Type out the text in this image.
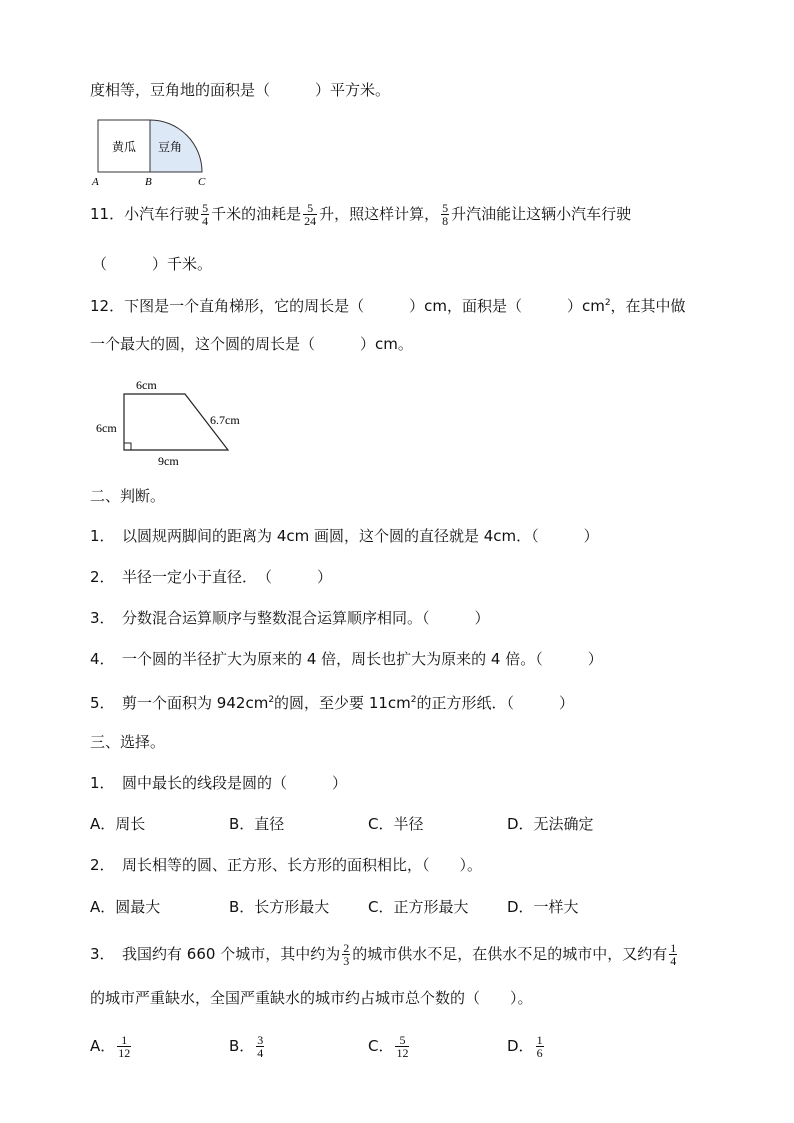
度相等，豆角地的面积是（　　　）平方米。
黄瓜 豆角
A	B	C
11．小汽车行驶 $\frac{5}{4}$ 千米的油耗是 $\frac{5}{24}$ 升，照这样计算， $\frac{5}{8}$ 升汽油能让这辆小汽车行驶
（　　　）千米。
12．下图是一个直角梯形，它的周长是（　　　）cm，面积是（　　　）$cm^2$，在其中做
一个最大的圆，这个圆的周长是（　　　）cm。
6cm
6cm
6.7cm
9cm
二、判断。
1．　以圆规两脚间的距离为 4cm 画圆，这个圆的直径就是 4cm．（　　　）
2．　半径一定小于直径．　（　　　）
3．　分数混合运算顺序与整数混合运算顺序相同。（　　　）
4．　一个圆的半径扩大为原来的 4 倍，周长也扩大为原来的 4 倍。（　　　）
5．　剪一个面积为 $942cm^2$的圆，至少要 $11cm^2$的正方形纸．（　　　）
三、选择。
1．　圆中最长的线段是圆的（　　　）
A．周长	B．直径	C．半径	D．无法确定
2．　周长相等的圆、正方形、长方形的面积相比，（　　）。
A．圆最大	B．长方形最大	C．正方形最大	D．一样大
3．　我国约有 660 个城市，其中约为 $\frac{2}{3}$ 的城市供水不足，在供水不足的城市中，又约有 $\frac{1}{4}$
的城市严重缺水，全国严重缺水的城市约占城市总个数的（　　）。
A． $\frac{1}{12}$	B． $\frac{3}{4}$	C． $\frac{5}{12}$	D． $\frac{1}{6}$
